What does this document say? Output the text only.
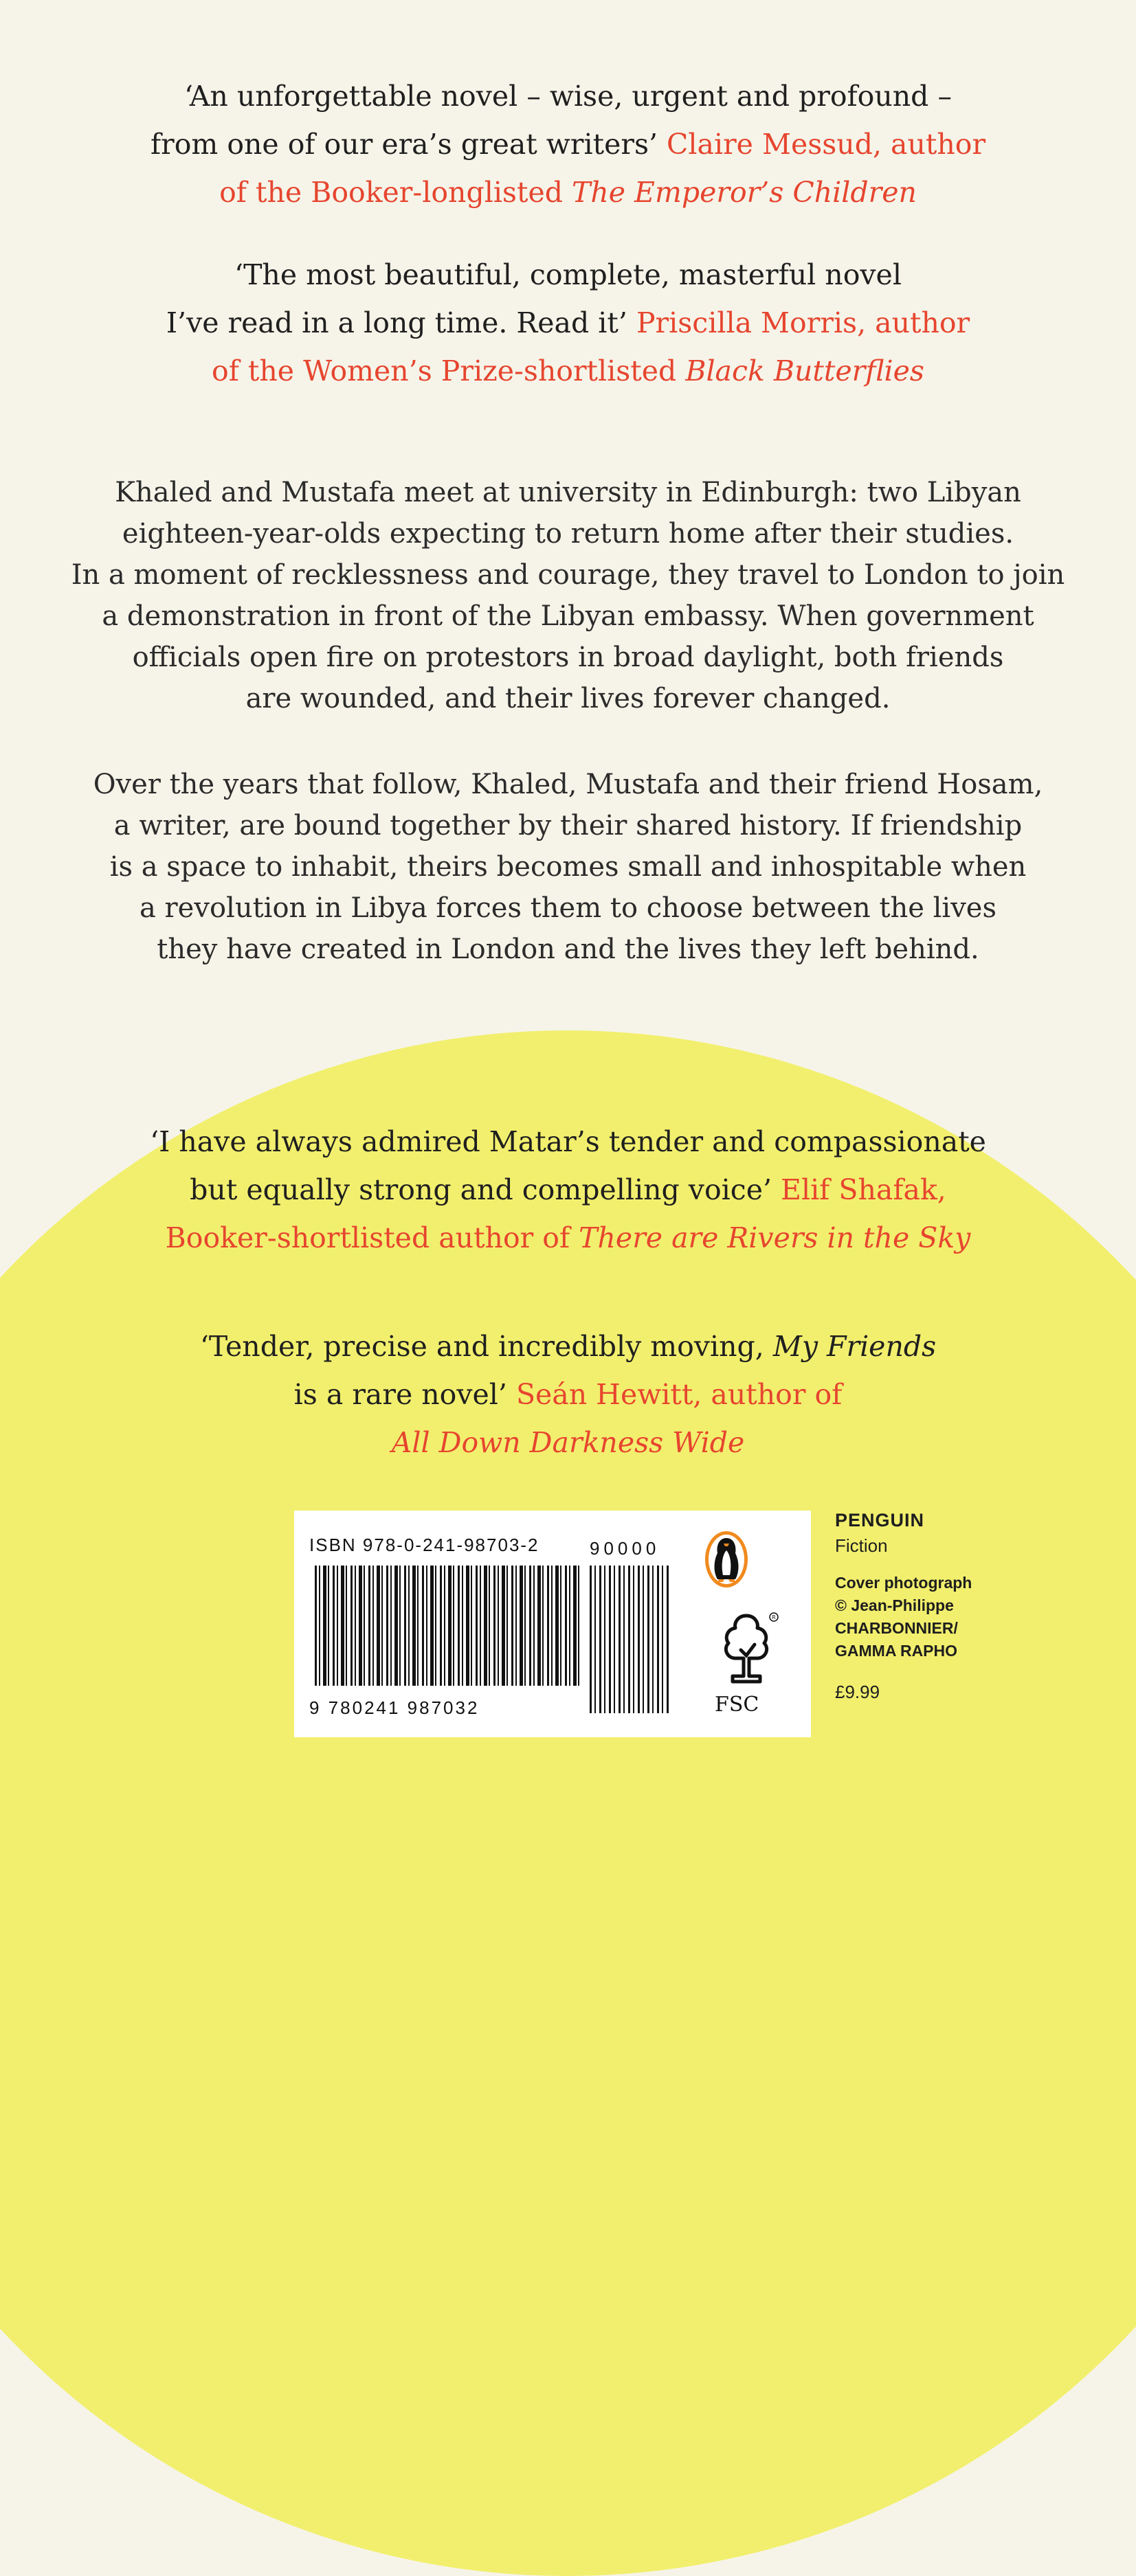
‘An unforgettable novel – wise, urgent and profound –
from one of our era’s great writers’ Claire Messud, author
of the Booker-longlisted The Emperor’s Children
‘The most beautiful, complete, masterful novel
I’ve read in a long time. Read it’ Priscilla Morris, author
of the Women’s Prize-shortlisted Black Butterflies
Khaled and Mustafa meet at university in Edinburgh: two Libyan
eighteen-year-olds expecting to return home after their studies.
In a moment of recklessness and courage, they travel to London to join
a demonstration in front of the Libyan embassy. When government
officials open fire on protestors in broad daylight, both friends
are wounded, and their lives forever changed.
Over the years that follow, Khaled, Mustafa and their friend Hosam,
a writer, are bound together by their shared history. If friendship
is a space to inhabit, theirs becomes small and inhospitable when
a revolution in Libya forces them to choose between the lives
they have created in London and the lives they left behind.
‘I have always admired Matar’s tender and compassionate
but equally strong and compelling voice’ Elif Shafak,
Booker-shortlisted author of There are Rivers in the Sky
‘Tender, precise and incredibly moving, My Friends
is a rare novel’ Seán Hewitt, author of
All Down Darkness Wide
ISBN 978-0-241-98703-2
9 780241 987032
90000
R
FSC
PENGUIN
Fiction
Cover photograph
© Jean-Philippe
CHARBONNIER/
GAMMA RAPHO
£9.99
